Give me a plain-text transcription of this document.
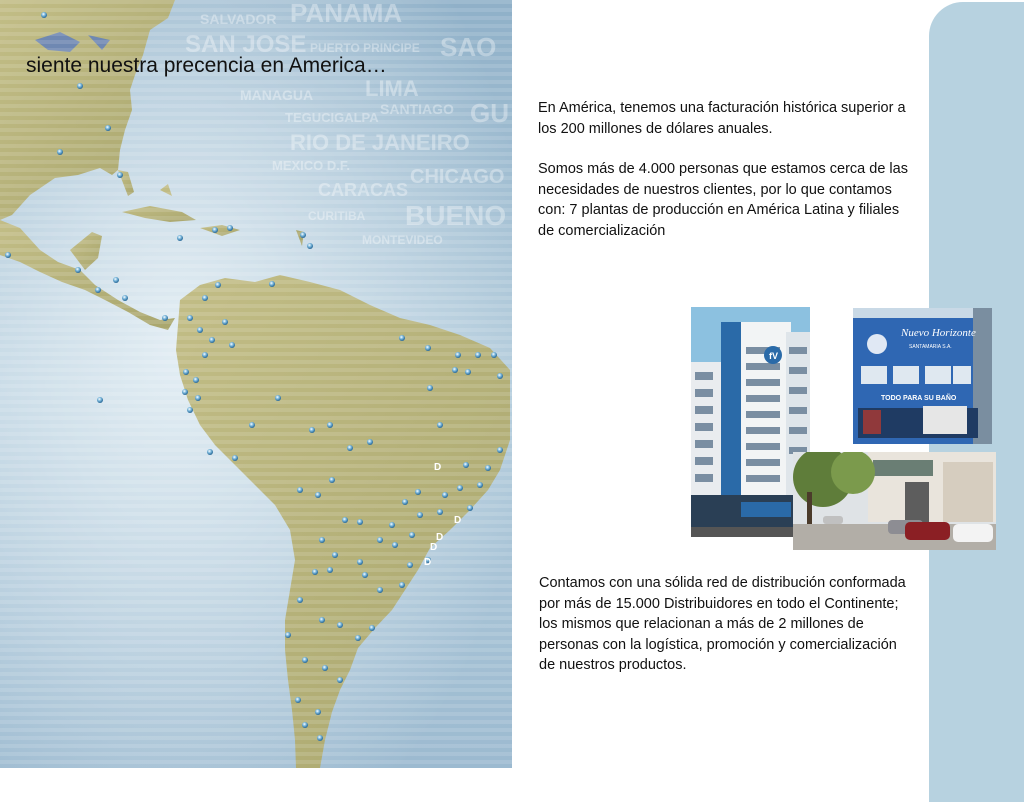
D
D
D
D
D
siente nuestra precencia en America…

En América, tenemos una facturación histórica superior a los 200 millones de dólares anuales.

Somos más de 4.000 personas que estamos cerca de las necesidades de nuestros clientes, por lo que contamos con: 7 plantas de producción en América Latina y filiales de comercialización

Contamos con una sólida red de distribución conformada por más de 15.000 Distribuidores en todo el Continente; los mismos que relacionan a más de 2 millones de personas con la logística, promoción y comercialización de nuestros productos.

fV
Nuevo Horizonte
SANTAMARIA S.A.
TODO PARA SU BAÑO
